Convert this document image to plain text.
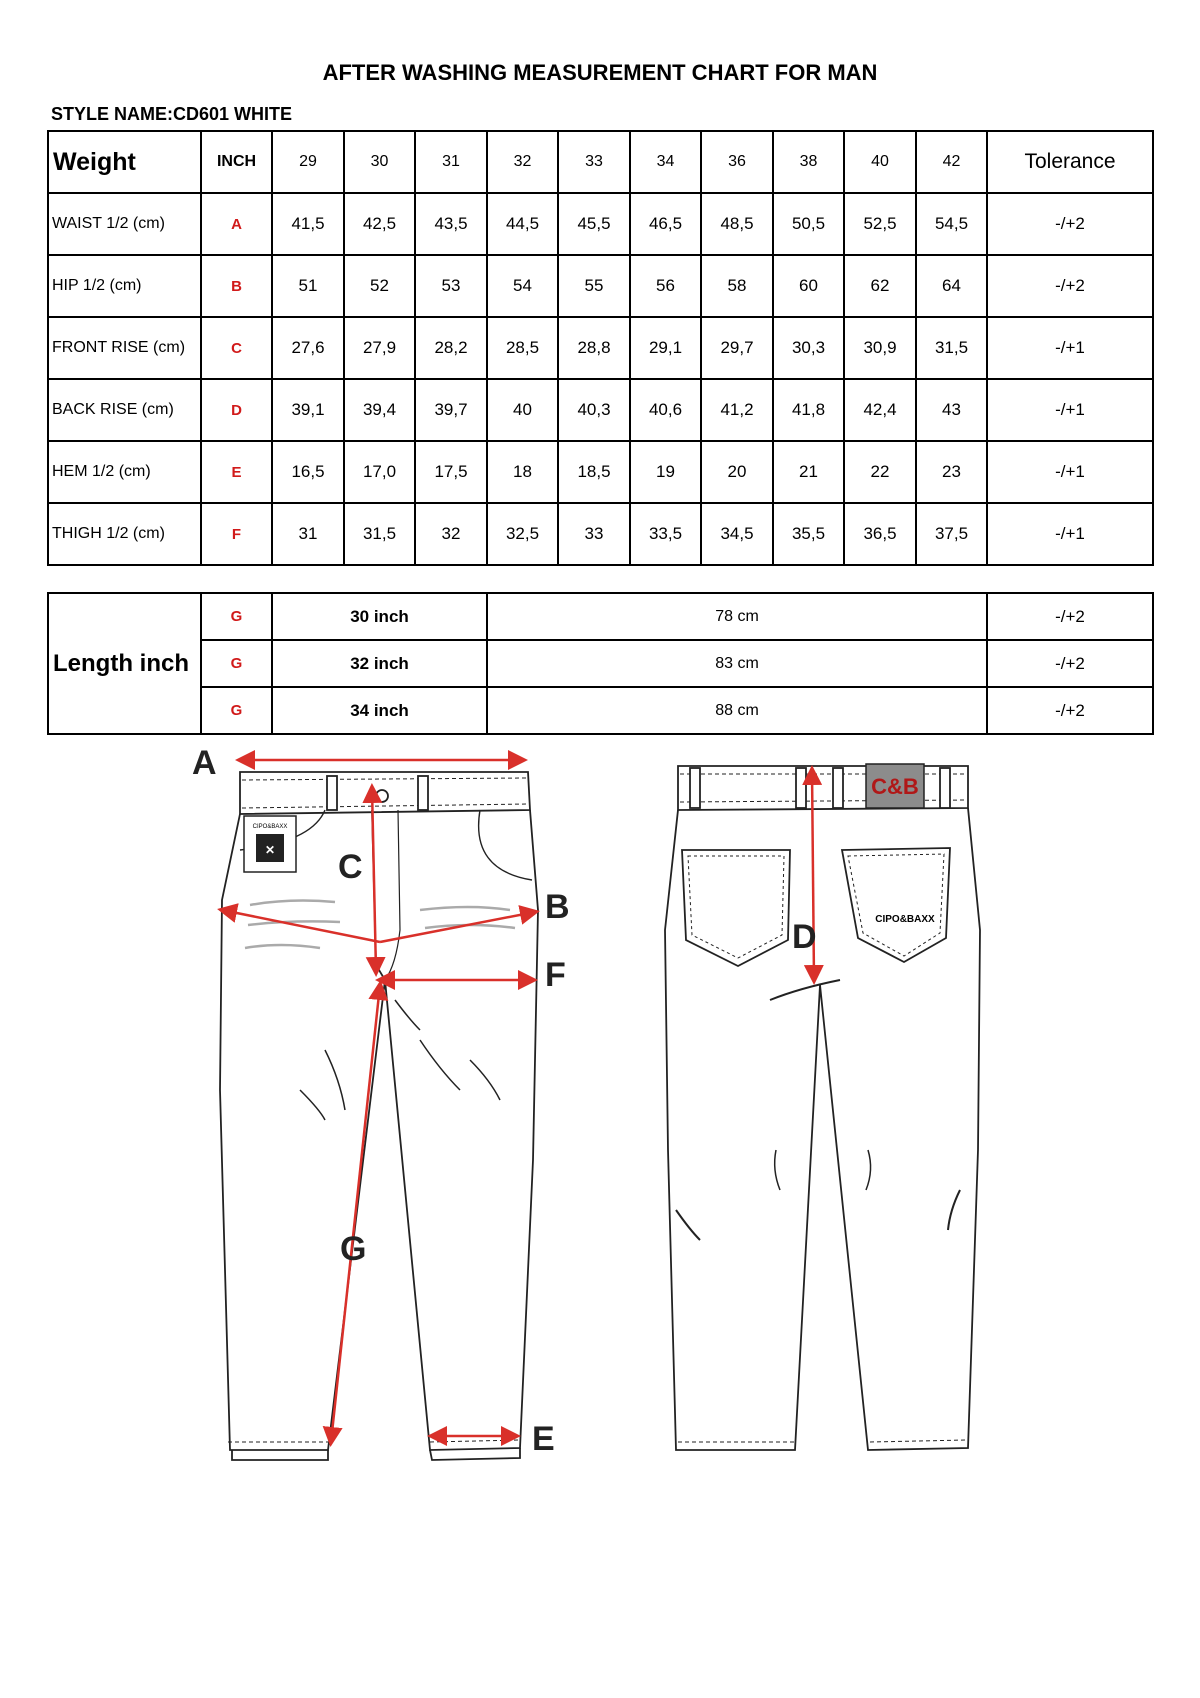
AFTER WASHING MEASUREMENT CHART FOR MAN
STYLE NAME:CD601 WHITE
Weight	INCH	29	30	31	32	33	34	36	38	40	42	Tolerance
WAIST 1/2 (cm)	A	41,5	42,5	43,5	44,5	45,5	46,5	48,5	50,5	52,5	54,5	-/+2
HIP 1/2 (cm)	B	51	52	53	54	55	56	58	60	62	64	-/+2
FRONT RISE (cm)	C	27,6	27,9	28,2	28,5	28,8	29,1	29,7	30,3	30,9	31,5	-/+1
BACK RISE (cm)	D	39,1	39,4	39,7	40	40,3	40,6	41,2	41,8	42,4	43	-/+1
HEM 1/2 (cm)	E	16,5	17,0	17,5	18	18,5	19	20	21	22	23	-/+1
THIGH 1/2 (cm)	F	31	31,5	32	32,5	33	33,5	34,5	35,5	36,5	37,5	-/+1
Length inch	G	30 inch	78 cm	-/+2
	G	32 inch	83 cm	-/+2
	G	34 inch	88 cm	-/+2
✕
CIPO&BAXX
C&B
CIPO&BAXX
A
C
B
F
G
E
D
